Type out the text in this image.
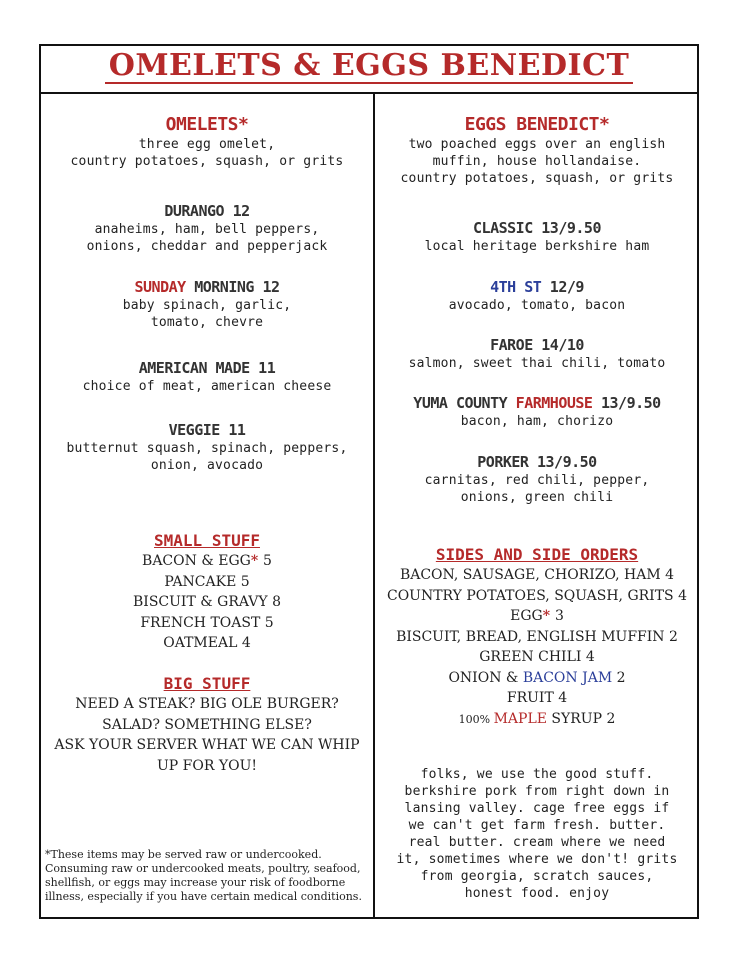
OMELETS & EGGS BENEDICT
OMELETS*
three egg omelet,
country potatoes, squash, or grits
DURANGO 12
anaheims, ham, bell peppers,
onions, cheddar and pepperjack
SUNDAY MORNING 12
baby spinach, garlic,
tomato, chevre
AMERICAN MADE 11
choice of meat, american cheese
VEGGIE 11
butternut squash, spinach, peppers,
onion, avocado
SMALL STUFF
BACON & EGG* 5
PANCAKE 5
BISCUIT & GRAVY 8
FRENCH TOAST 5
OATMEAL 4
BIG STUFF
NEED A STEAK? BIG OLE BURGER?
SALAD? SOMETHING ELSE?
ASK YOUR SERVER WHAT WE CAN WHIP
UP FOR YOU!
*These items may be served raw or undercooked. Consuming raw or undercooked meats, poultry, seafood, shellfish, or eggs may increase your risk of foodborne illness, especially if you have certain medical conditions.
EGGS BENEDICT*
two poached eggs over an english
muffin, house hollandaise.
country potatoes, squash, or grits
CLASSIC 13/9.50
local heritage berkshire ham
4TH ST 12/9
avocado, tomato, bacon
FAROE 14/10
salmon, sweet thai chili, tomato
YUMA COUNTY FARMHOUSE 13/9.50
bacon, ham, chorizo
PORKER 13/9.50
carnitas, red chili, pepper,
onions, green chili
SIDES AND SIDE ORDERS
BACON, SAUSAGE, CHORIZO, HAM 4
COUNTRY POTATOES, SQUASH, GRITS 4
EGG* 3
BISCUIT, BREAD, ENGLISH MUFFIN 2
GREEN CHILI 4
ONION & BACON JAM 2
FRUIT 4
100% MAPLE SYRUP 2
folks, we use the good stuff.
berkshire pork from right down in
lansing valley. cage free eggs if
we can't get farm fresh. butter.
real butter. cream where we need
it, sometimes where we don't! grits
from georgia, scratch sauces,
honest food. enjoy
